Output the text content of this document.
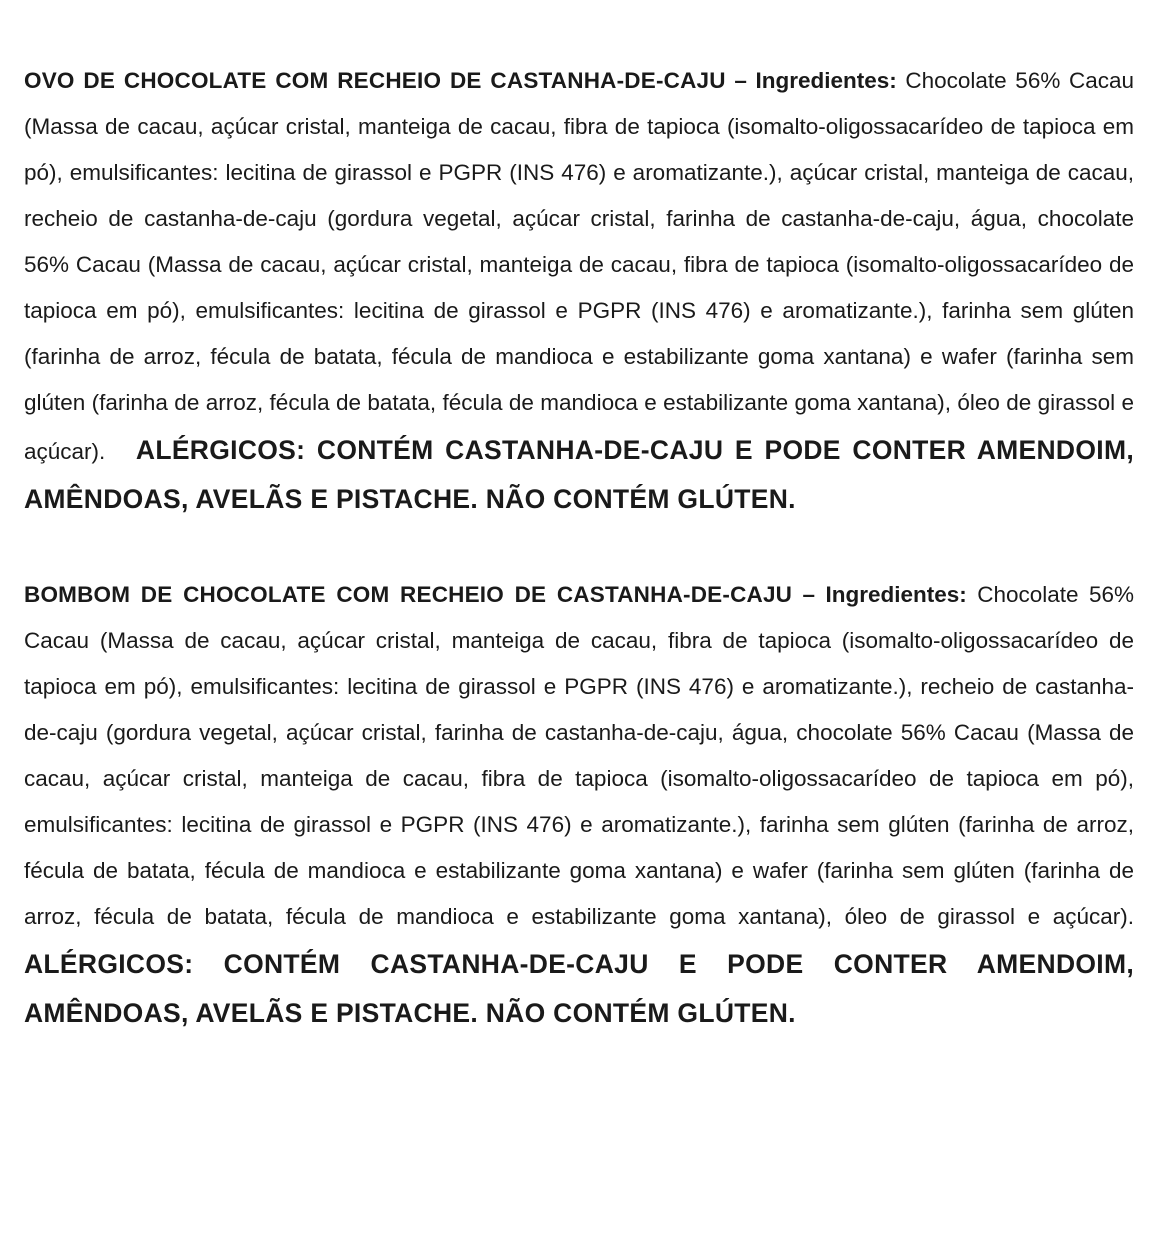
OVO DE CHOCOLATE COM RECHEIO DE CASTANHA-DE-CAJU – Ingredientes: Chocolate 56% Cacau (Massa de cacau, açúcar cristal, manteiga de cacau, fibra de tapioca (isomalto-oligossacarídeo de tapioca em pó), emulsificantes: lecitina de girassol e PGPR (INS 476) e aromatizante.), açúcar cristal, manteiga de cacau, recheio de castanha-de-caju (gordura vegetal, açúcar cristal, farinha de castanha-de-caju, água, chocolate 56% Cacau (Massa de cacau, açúcar cristal, manteiga de cacau, fibra de tapioca (isomalto-oligossacarídeo de tapioca em pó), emulsificantes: lecitina de girassol e PGPR (INS 476) e aromatizante.), farinha sem glúten (farinha de arroz, fécula de batata, fécula de mandioca e estabilizante goma xantana) e wafer (farinha sem glúten (farinha de arroz, fécula de batata, fécula de mandioca e estabilizante goma xantana), óleo de girassol e açúcar). ALÉRGICOS: CONTÉM CASTANHA-DE-CAJU E PODE CONTER AMENDOIM, AMÊNDOAS, AVELÃS E PISTACHE. NÃO CONTÉM GLÚTEN.

BOMBOM DE CHOCOLATE COM RECHEIO DE CASTANHA-DE-CAJU – Ingredientes: Chocolate 56% Cacau (Massa de cacau, açúcar cristal, manteiga de cacau, fibra de tapioca (isomalto-oligossacarídeo de tapioca em pó), emulsificantes: lecitina de girassol e PGPR (INS 476) e aromatizante.), recheio de castanha-de-caju (gordura vegetal, açúcar cristal, farinha de castanha-de-caju, água, chocolate 56% Cacau (Massa de cacau, açúcar cristal, manteiga de cacau, fibra de tapioca (isomalto-oligossacarídeo de tapioca em pó), emulsificantes: lecitina de girassol e PGPR (INS 476) e aromatizante.), farinha sem glúten (farinha de arroz, fécula de batata, fécula de mandioca e estabilizante goma xantana) e wafer (farinha sem glúten (farinha de arroz, fécula de batata, fécula de mandioca e estabilizante goma xantana), óleo de girassol e açúcar). ALÉRGICOS: CONTÉM CASTANHA-DE-CAJU E PODE CONTER AMENDOIM, AMÊNDOAS, AVELÃS E PISTACHE. NÃO CONTÉM GLÚTEN.
